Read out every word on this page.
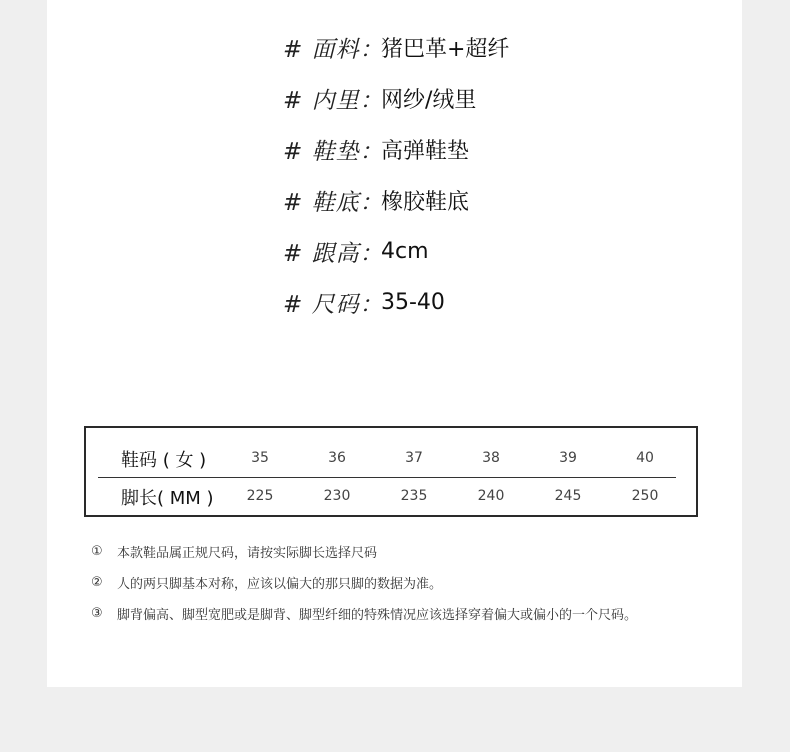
# 面料：
猪巴革+超纤
# 内里：
网纱/绒里
# 鞋垫：
高弹鞋垫
# 鞋底：
橡胶鞋底
# 跟高：
4cm
# 尺码：
35-40
鞋码 ( 女 )	35	36	37	38	39	40
脚长( MM )	225	230	235	240	245	250
①	本款鞋品属正规尺码，请按实际脚长选择尺码
②	人的两只脚基本对称，应该以偏大的那只脚的数据为准。
③	脚背偏高、脚型宽肥或是脚背、脚型纤细的特殊情况应该选择穿着偏大或偏小的一个尺码。
